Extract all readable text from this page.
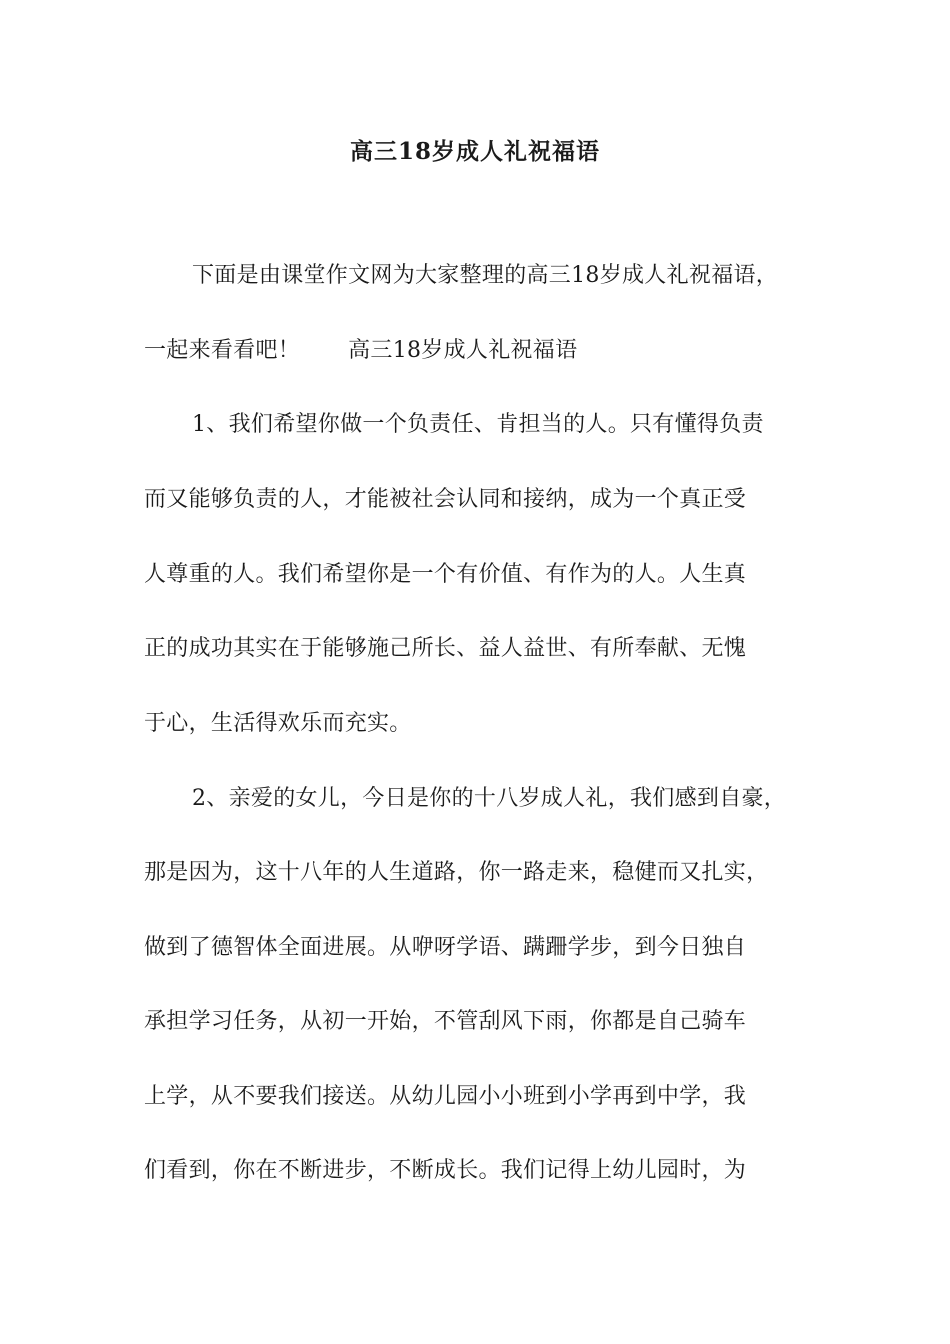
高三18岁成人礼祝福语
下面是由课堂作文网为大家整理的高三18岁成人礼祝福语，
一起来看看吧！ 高三18岁成人礼祝福语
1、我们希望你做一个负责任、肯担当的人。只有懂得负责
而又能够负责的人，才能被社会认同和接纳，成为一个真正受
人尊重的人。我们希望你是一个有价值、有作为的人。人生真
正的成功其实在于能够施己所长、益人益世、有所奉献、无愧
于心，生活得欢乐而充实。
2、亲爱的女儿，今日是你的十八岁成人礼，我们感到自豪，
那是因为，这十八年的人生道路，你一路走来，稳健而又扎实，
做到了德智体全面进展。从咿呀学语、蹒跚学步，到今日独自
承担学习任务，从初一开始，不管刮风下雨，你都是自己骑车
上学，从不要我们接送。从幼儿园小小班到小学再到中学，我
们看到，你在不断进步，不断成长。我们记得上幼儿园时，为
